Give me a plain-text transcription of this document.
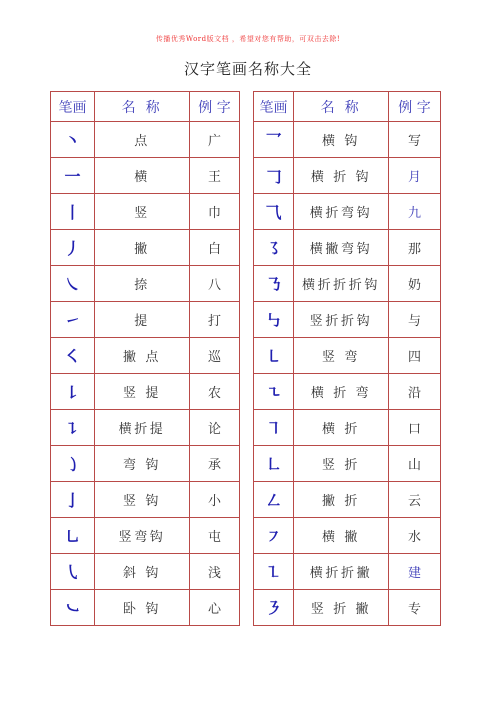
传播优秀Word版文档 ，希望对您有帮助，可双击去除!
汉字笔画名称大全
笔画	名 称	例 字		笔画	名 称	例 字
丶	点	广		乛	横 钩	写
一	横	王		𠃌	横 折 钩	月
丨	竖	巾		⺄	横折弯钩	九
丿	撇	白		㇌	横撇弯钩	那
㇏	捺	八		㇡	横折折折钩	奶
㇀	提	打		㇉	竖折折钩	与
㇛	撇 点	巡		㇄	竖 弯	四
㇙	竖 提	农		㇍	横 折 弯	沿
㇊	横折提	论		㇕	横 折	口
㇁	弯 钩	承		㇗	竖 折	山
亅	竖 钩	小		㇜	撇 折	云
㇟	竖弯钩	屯		㇇	横 撇	水
㇂	斜 钩	浅		㇅	横折折撇	建
㇃	卧 钩	心		㇋	竖 折 撇	专
